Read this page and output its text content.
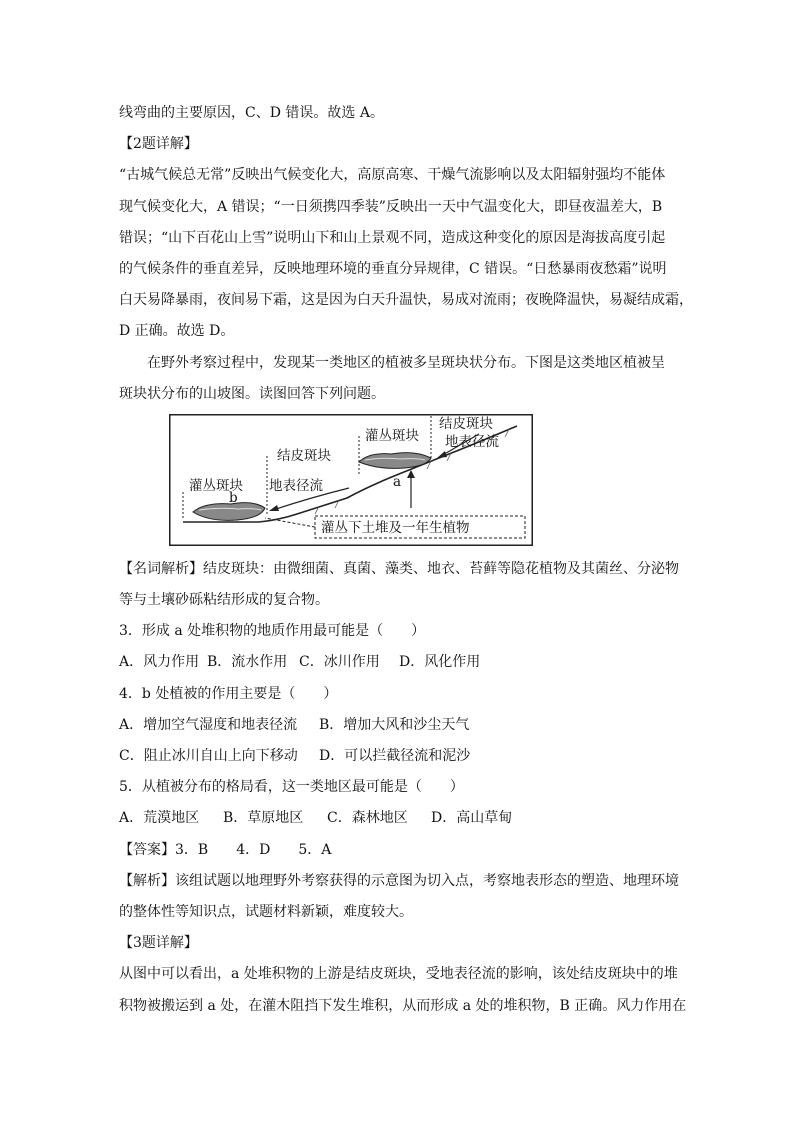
线弯曲的主要原因，C、D 错误。故选 A。
【2题详解】
“古城气候总无常”反映出气候变化大，高原高寒、干燥气流影响以及太阳辐射强均不能体
现气候变化大，A 错误；“一日须携四季装”反映出一天中气温变化大，即昼夜温差大，B
错误；“山下百花山上雪”说明山下和山上景观不同，造成这种变化的原因是海拔高度引起
的气候条件的垂直差异，反映地理环境的垂直分异规律，C 错误。“日愁暴雨夜愁霜”说明
白天易降暴雨，夜间易下霜，这是因为白天升温快，易成对流雨；夜晚降温快，易凝结成霜，
D 正确。故选 D。
在野外考察过程中，发现某一类地区的植被多呈斑块状分布。下图是这类地区植被呈
斑块状分布的山坡图。读图回答下列问题。
灌丛斑块
结皮斑块
地表径流
结皮斑块
地表径流
灌丛斑块	a
b
灌丛下土堆及一年生植物
【名词解析】结皮斑块：由微细菌、真菌、藻类、地衣、苔藓等隐花植物及其菌丝、分泌物
等与土壤砂砾粘结形成的复合物。
3．形成 a 处堆积物的地质作用最可能是（　　）
A．风力作用 B．流水作用 C．冰川作用	D．风化作用
4．b 处植被的作用主要是（　　）
A．增加空气湿度和地表径流	B．增加大风和沙尘天气
C．阻止冰川自山上向下移动	D．可以拦截径流和泥沙
5．从植被分布的格局看，这一类地区最可能是（　　）
A．荒漠地区	B．草原地区	C．森林地区	D．高山草甸
【答案】3．B　　4．D　　5．A
【解析】该组试题以地理野外考察获得的示意图为切入点，考察地表形态的塑造、地理环境
的整体性等知识点，试题材料新颖，难度较大。
【3题详解】
从图中可以看出，a 处堆积物的上游是结皮斑块，受地表径流的影响，该处结皮斑块中的堆
积物被搬运到 a 处，在灌木阻挡下发生堆积，从而形成 a 处的堆积物，B 正确。风力作用在
